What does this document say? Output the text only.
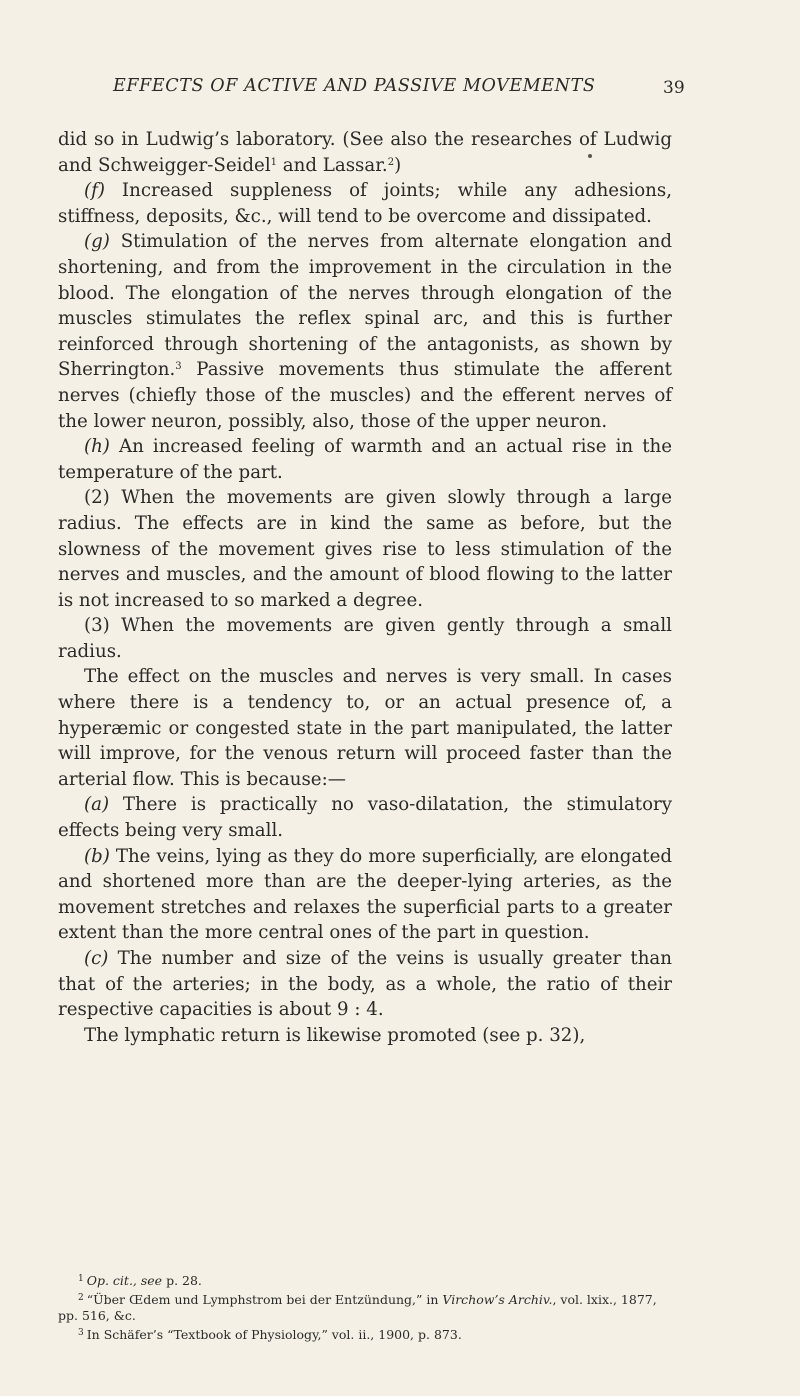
EFFECTS OF ACTIVE AND PASSIVE MOVEMENTS	39

did so in Ludwig’s laboratory. (See also the researches of Ludwig and Schweigger-Seidel$^1$ and Lassar.$^2$)

(f) Increased suppleness of joints; while any adhesions, stiffness, deposits, &c., will tend to be overcome and dissipated.

(g) Stimulation of the nerves from alternate elongation and shortening, and from the improvement in the circulation in the blood. The elongation of the nerves through elongation of the muscles stimulates the reflex spinal arc, and this is further reinforced through shortening of the antagonists, as shown by Sherrington.$^3$ Passive movements thus stimulate the afferent nerves (chiefly those of the muscles) and the efferent nerves of the lower neuron, possibly, also, those of the upper neuron.

(h) An increased feeling of warmth and an actual rise in the temperature of the part.

(2) When the movements are given slowly through a large radius. The effects are in kind the same as before, but the slowness of the movement gives rise to less stimulation of the nerves and muscles, and the amount of blood flowing to the latter is not increased to so marked a degree.

(3) When the movements are given gently through a small radius.

The effect on the muscles and nerves is very small. In cases where there is a tendency to, or an actual presence of, a hyperæmic or congested state in the part manipulated, the latter will improve, for the venous return will proceed faster than the arterial flow. This is because:—

(a) There is practically no vaso-dilatation, the stimulatory effects being very small.

(b) The veins, lying as they do more superficially, are elongated and shortened more than are the deeper-lying arteries, as the movement stretches and relaxes the superficial parts to a greater extent than the more central ones of the part in question.

(c) The number and size of the veins is usually greater than that of the arteries; in the body, as a whole, the ratio of their respective capacities is about 9 : 4.

The lymphatic return is likewise promoted (see p. 32),

$^1$ Op. cit., see p. 28.

$^2$ “Über Œdem und Lymphstrom bei der Entzündung,” in Virchow’s Archiv., vol. lxix., 1877, pp. 516, &c.

$^3$ In Schäfer’s “Textbook of Physiology,” vol. ii., 1900, p. 873.
